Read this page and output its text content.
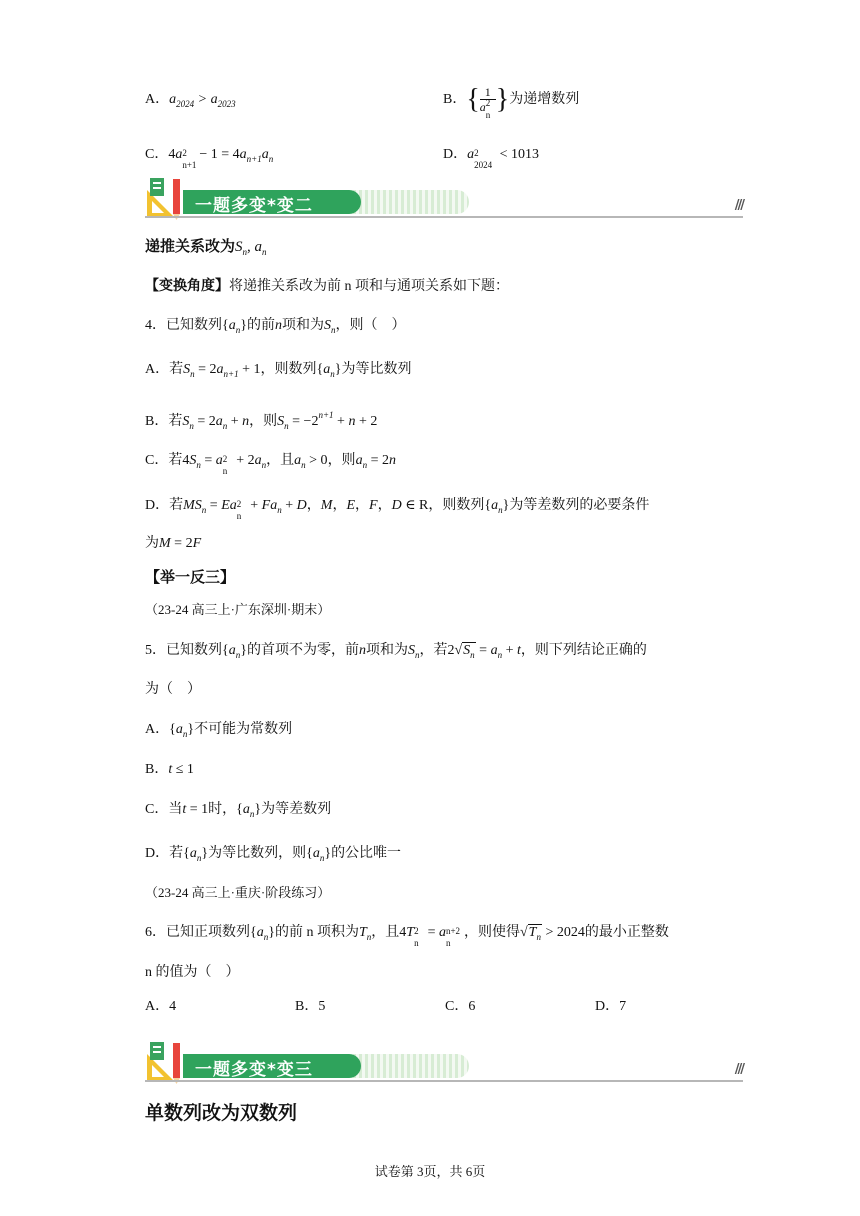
A．$a_{2024} > a_{2023}$	B．{ 1
a 2
n }为递增数列
C．4a 2
n+1
− $1 = 4a_{n+1}a_n$	D．a 2
2024
< 1013
一题多变*变二	///
递推关系改为$S_n$, $a_n$
【变换角度】将递推关系改为前 n 项和与通项关系如下题：
4．已知数列$\{a_n\}$的前n项和为$S_n$，则（　）
A．若$S_n = 2a_{n+1} + 1$，则数列$\{a_n\}$为等比数列
B．若$S_n = 2a_n + n$，则$S_n = -2^{n+1} + n + 2$
C．若$4S_n = a$ 2
n
+ $2a_n$，且$a_n > 0$，则$a_n = 2n$
D．若$MS_n = Ea$ 2
n
+ $Fa_n + D$，M，E，F，D ∈ R，则数列$\{a_n\}$为等差数列的必要条件
为M = 2F
【举一反三】
（23-24 高三上·广东深圳·期末）
5．已知数列$\{a_n\}$的首项不为零，前n项和为$S_n$，若$2√S_n = a_n + t$，则下列结论正确的
为（　）
A．$\{a_n\}$不可能为常数列
B．t ≤ 1
C．当t = 1时，$\{a_n\}$为等差数列
D．若$\{a_n\}$为等比数列，则$\{a_n\}$的公比唯一
（23-24 高三上·重庆·阶段练习）
6．已知正项数列$\{a_n\}$的前 n 项积为$T_n$，且4T 2
n
= a n+2
n
，则使得$√T_n > 2024$的最小正整数
n 的值为（　）
A．4	B．5	C．6	D．7
一题多变*变三	///
单数列改为双数列
试卷第 3页，共 6页
